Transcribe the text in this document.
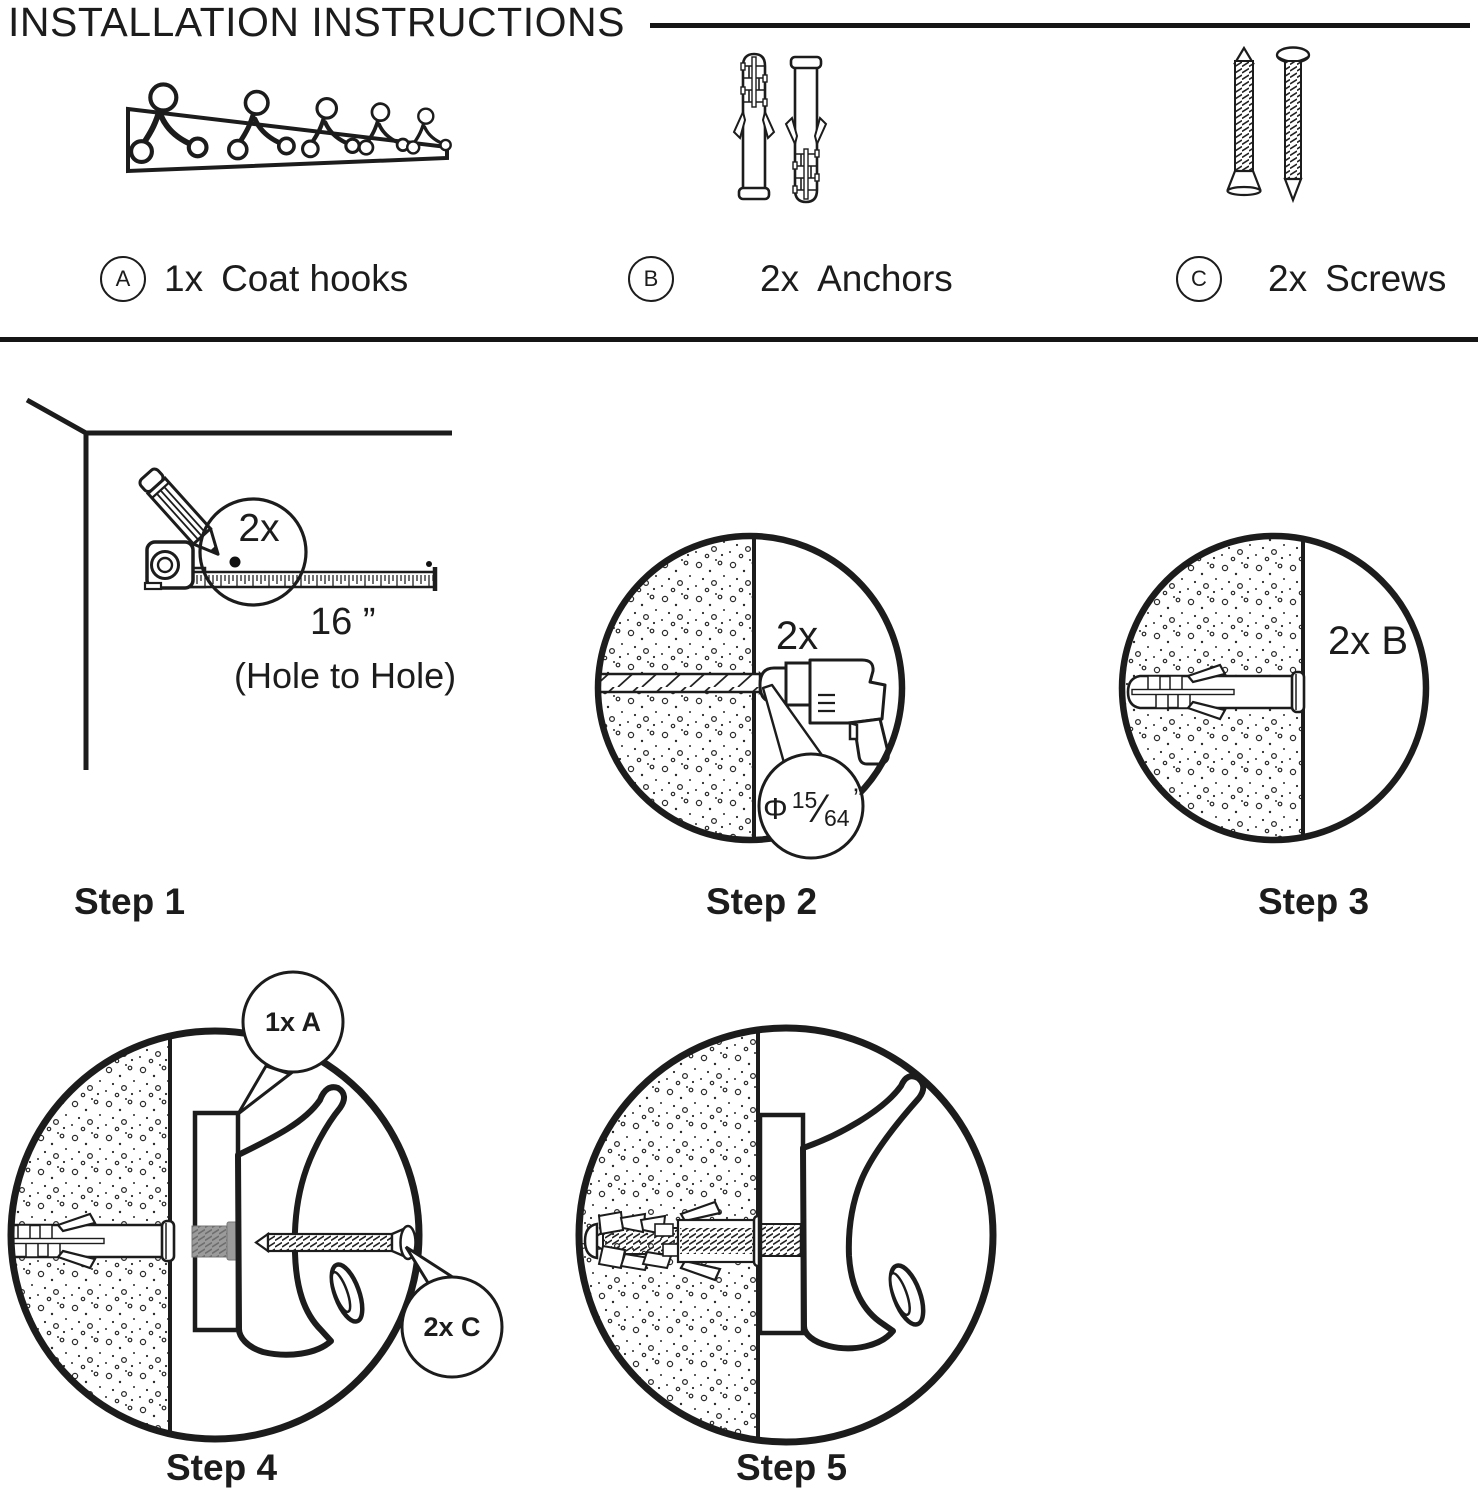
INSTALLATION INSTRUCTIONS
A 1x Coat hooks	B	2x Anchors	C	2x Screws
2x
16 ”
(Hole to Hole)
2x
Φ 15 ⁄ 64
”
2x B
Step 1	Step 2	Step 3
1x A
2x C
Step 4	Step 5
